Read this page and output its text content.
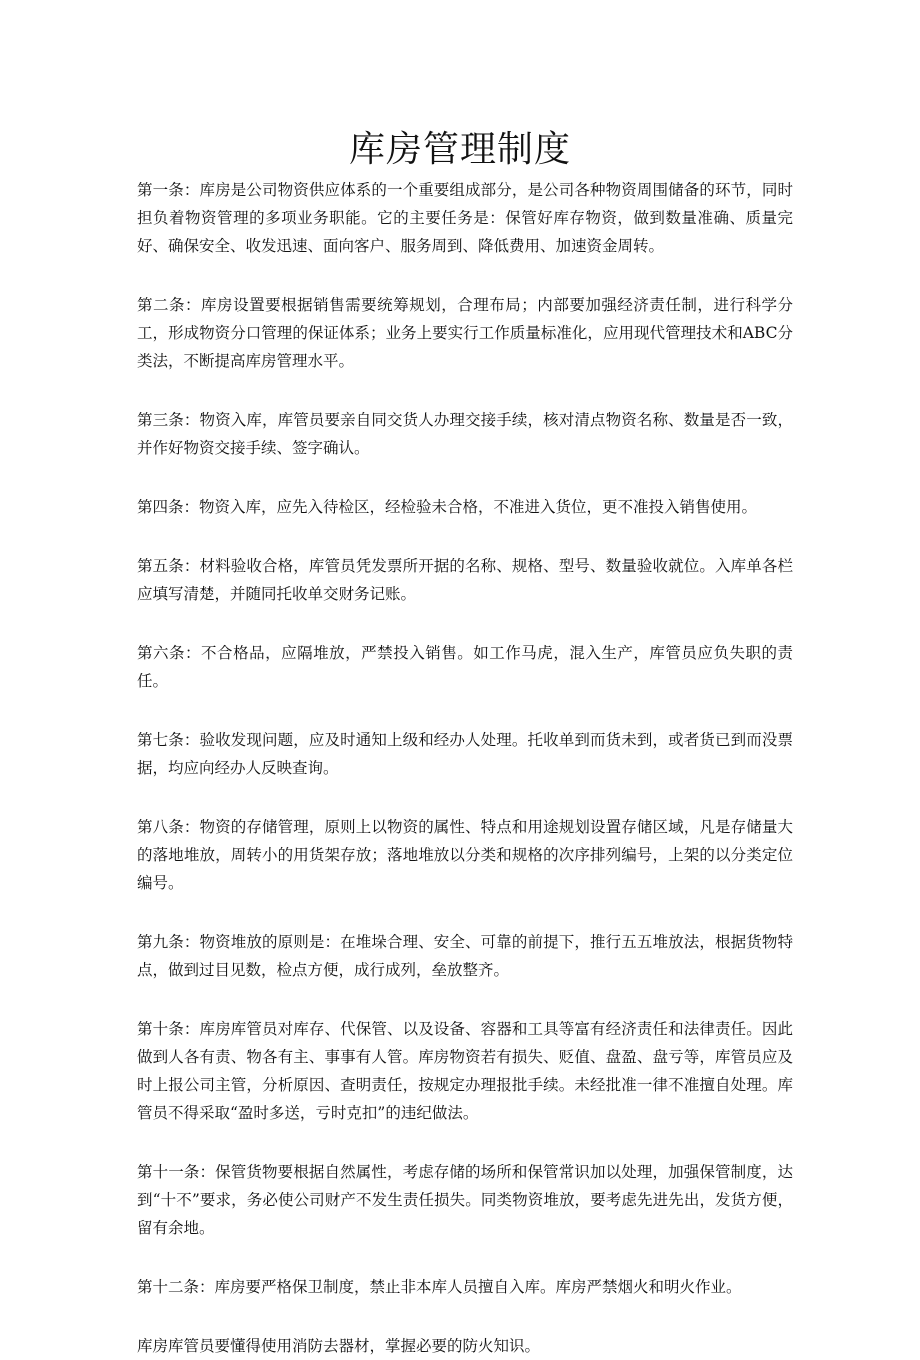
库房管理制度

第一条：库房是公司物资供应体系的一个重要组成部分，是公司各种物资周围储备的环节，同时担负着物资管理的多项业务职能。它的主要任务是：保管好库存物资，做到数量准确、质量完好、确保安全、收发迅速、面向客户、服务周到、降低费用、加速资金周转。

第二条：库房设置要根据销售需要统筹规划，合理布局；内部要加强经济责任制，进行科学分工，形成物资分口管理的保证体系；业务上要实行工作质量标准化，应用现代管理技术和ABC分类法，不断提高库房管理水平。

第三条：物资入库，库管员要亲自同交货人办理交接手续，核对清点物资名称、数量是否一致，并作好物资交接手续、签字确认。

第四条：物资入库，应先入待检区，经检验未合格，不准进入货位，更不准投入销售使用。

第五条：材料验收合格，库管员凭发票所开据的名称、规格、型号、数量验收就位。入库单各栏应填写清楚，并随同托收单交财务记账。

第六条：不合格品，应隔堆放，严禁投入销售。如工作马虎，混入生产，库管员应负失职的责任。

第七条：验收发现问题，应及时通知上级和经办人处理。托收单到而货未到，或者货已到而没票据，均应向经办人反映查询。

第八条：物资的存储管理，原则上以物资的属性、特点和用途规划设置存储区域，凡是存储量大的落地堆放，周转小的用货架存放；落地堆放以分类和规格的次序排列编号，上架的以分类定位编号。

第九条：物资堆放的原则是：在堆垛合理、安全、可靠的前提下，推行五五堆放法，根据货物特点，做到过目见数，检点方便，成行成列，垒放整齐。

第十条：库房库管员对库存、代保管、以及设备、容器和工具等富有经济责任和法律责任。因此做到人各有责、物各有主、事事有人管。库房物资若有损失、贬值、盘盈、盘亏等，库管员应及时上报公司主管，分析原因、查明责任，按规定办理报批手续。未经批准一律不准擅自处理。库管员不得采取“盈时多送，亏时克扣”的违纪做法。

第十一条：保管货物要根据自然属性，考虑存储的场所和保管常识加以处理，加强保管制度，达到“十不”要求，务必使公司财产不发生责任损失。同类物资堆放，要考虑先进先出，发货方便，留有余地。

第十二条：库房要严格保卫制度，禁止非本库人员擅自入库。库房严禁烟火和明火作业。

库房库管员要懂得使用消防去器材，掌握必要的防火知识。
